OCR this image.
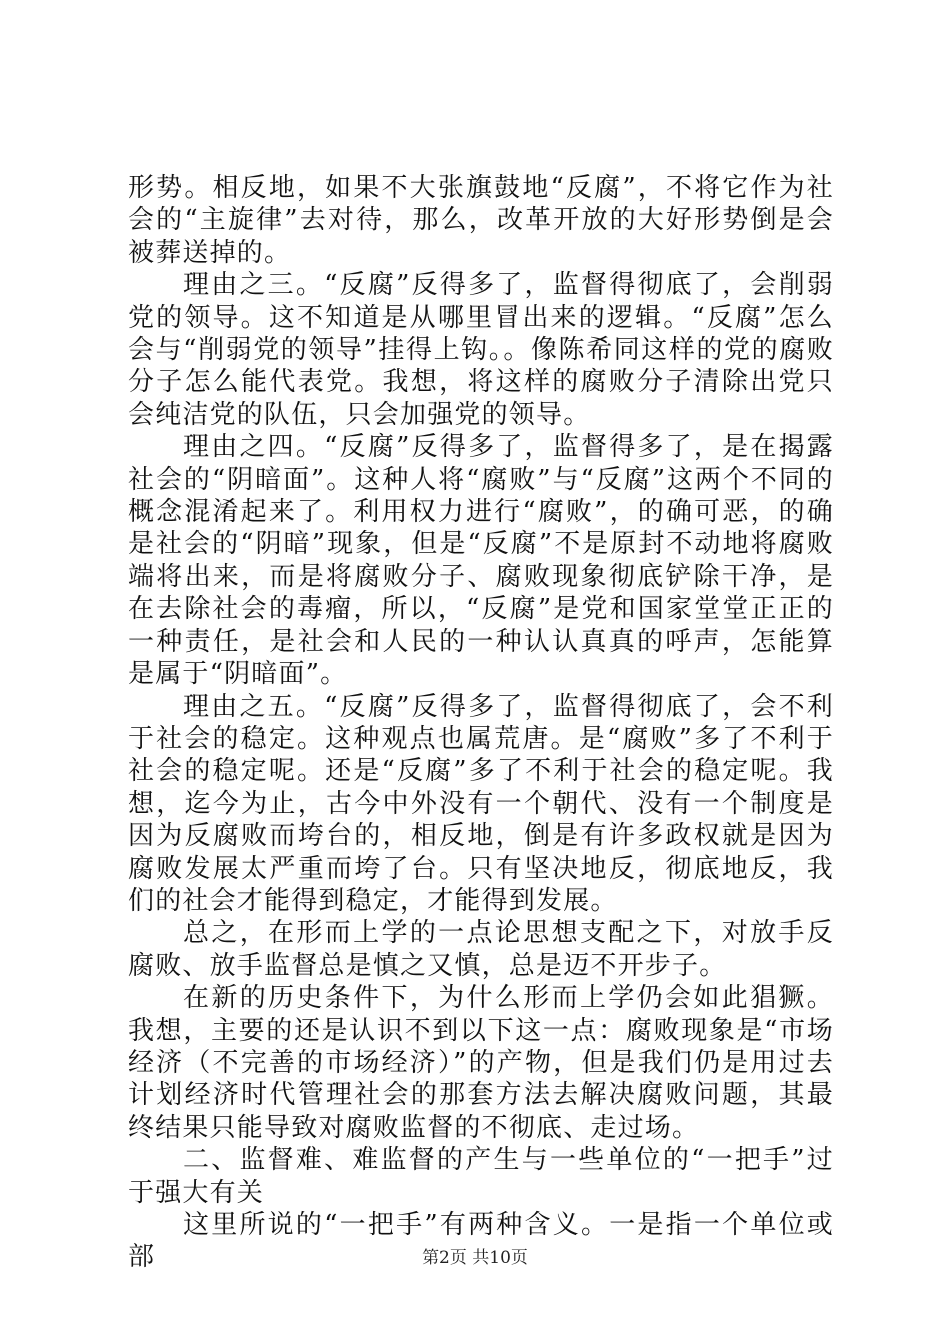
形势。相反地，如果不大张旗鼓地“反腐”，不将它作为社会的“主旋律”去对待，那么，改革开放的大好形势倒是会被葬送掉的。

理由之三。“反腐”反得多了，监督得彻底了，会削弱党的领导。这不知道是从哪里冒出来的逻辑。“反腐”怎么会与“削弱党的领导”挂得上钩。。像陈希同这样的党的腐败分子怎么能代表党。我想，将这样的腐败分子清除出党只会纯洁党的队伍，只会加强党的领导。

理由之四。“反腐”反得多了，监督得多了，是在揭露社会的“阴暗面”。这种人将“腐败”与“反腐”这两个不同的概念混淆起来了。利用权力进行“腐败”，的确可恶，的确是社会的“阴暗”现象，但是“反腐”不是原封不动地将腐败端将出来，而是将腐败分子、腐败现象彻底铲除干净，是在去除社会的毒瘤，所以，“反腐”是党和国家堂堂正正的一种责任，是社会和人民的一种认认真真的呼声，怎能算是属于“阴暗面”。

理由之五。“反腐”反得多了，监督得彻底了，会不利于社会的稳定。这种观点也属荒唐。是“腐败”多了不利于社会的稳定呢。还是“反腐”多了不利于社会的稳定呢。我想，迄今为止，古今中外没有一个朝代、没有一个制度是因为反腐败而垮台的，相反地，倒是有许多政权就是因为腐败发展太严重而垮了台。只有坚决地反，彻底地反，我们的社会才能得到稳定，才能得到发展。

总之，在形而上学的一点论思想支配之下，对放手反腐败、放手监督总是慎之又慎，总是迈不开步子。

在新的历史条件下，为什么形而上学仍会如此猖獗。我想，主要的还是认识不到以下这一点：腐败现象是“市场经济（不完善的市场经济）”的产物，但是我们仍是用过去计划经济时代管理社会的那套方法去解决腐败问题，其最终结果只能导致对腐败监督的不彻底、走过场。

二、监督难、难监督的产生与一些单位的“一把手”过于强大有关

这里所说的“一把手”有两种含义。一是指一个单位或部	第2页 共10页
